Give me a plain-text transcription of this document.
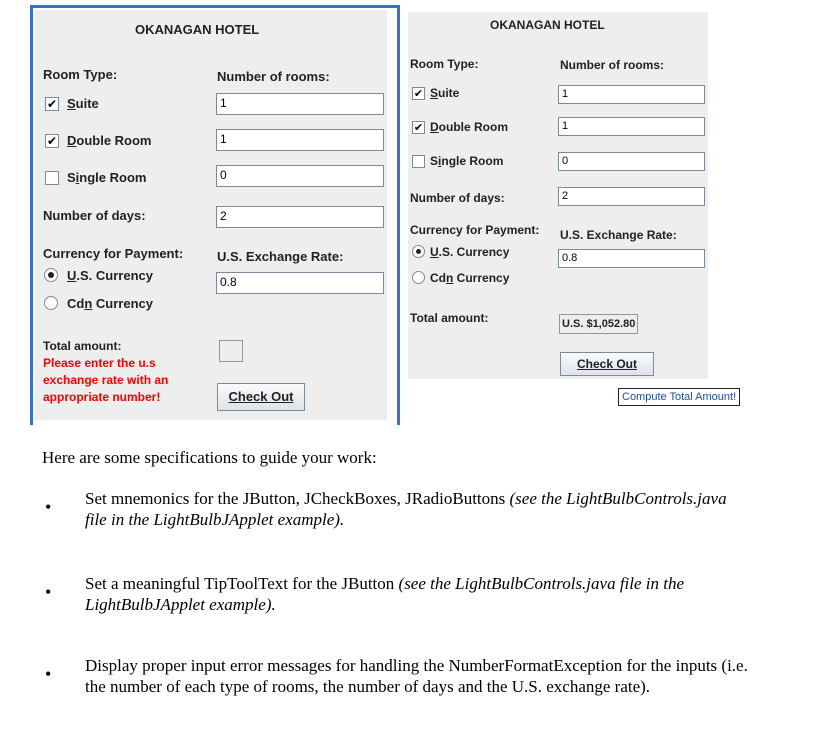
OKANAGAN HOTEL
Room Type:	Number of rooms:
✔ Suite	1
✔ Double Room	1
Single Room	0
Number of days:	2
Currency for Payment:	U.S. Exchange Rate:
U.S. Currency	0.8
Cdn Currency
Total amount:
Please enter the u.s
exchange rate with an
appropriate number!	Check Out
OKANAGAN HOTEL
Room Type:	Number of rooms:
✔ Suite	1
✔ Double Room	1
Single Room	0
Number of days:	2
Currency for Payment: U.S. Exchange Rate:
U.S. Currency	0.8
Cdn Currency
Total amount:	U.S. $1,052.80
Check Out
Compute Total Amount!
Here are some specifications to guide your work:
• Set mnemonics for the JButton, JCheckBoxes, JRadioButtons (see the LightBulbControls.java
file in the LightBulbJApplet example).
• Set a meaningful TipToolText for the JButton (see the LightBulbControls.java file in the
LightBulbJApplet example).
• Display proper input error messages for handling the NumberFormatException for the inputs (i.e.
the number of each type of rooms, the number of days and the U.S. exchange rate).
